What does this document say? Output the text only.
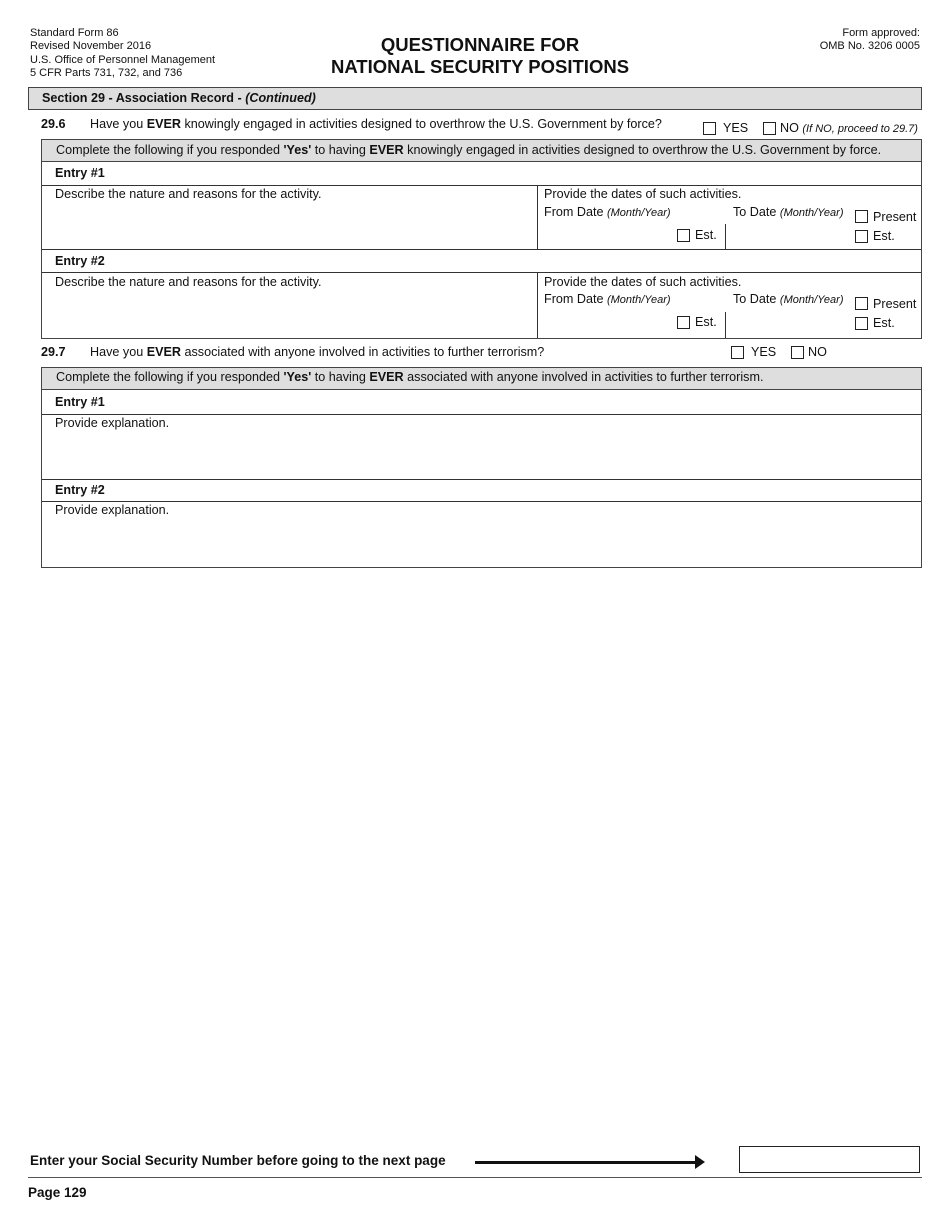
Standard Form 86
Revised November 2016
U.S. Office of Personnel Management
5 CFR Parts 731, 732, and 736
QUESTIONNAIRE FOR
NATIONAL SECURITY POSITIONS
Form approved:
OMB No. 3206 0005
Section 29 - Association Record - (Continued)
29.6 Have you EVER knowingly engaged in activities designed to overthrow the U.S. Government by force?	YES	NO (If NO, proceed to 29.7)
Complete the following if you responded 'Yes' to having EVER knowingly engaged in activities designed to overthrow the U.S. Government by force.
Entry #1
Describe the nature and reasons for the activity.	Provide the dates of such activities.
From Date (Month/Year)	To Date (Month/Year) Present
Est.	Est.
Entry #2
Describe the nature and reasons for the activity.	Provide the dates of such activities.
From Date (Month/Year)	To Date (Month/Year) Present
Est.	Est.
29.7 Have you EVER associated with anyone involved in activities to further terrorism?	YES	NO
Complete the following if you responded 'Yes' to having EVER associated with anyone involved in activities to further terrorism.
Entry #1
Provide explanation.
Entry #2
Provide explanation.
Enter your Social Security Number before going to the next page
Page 129
